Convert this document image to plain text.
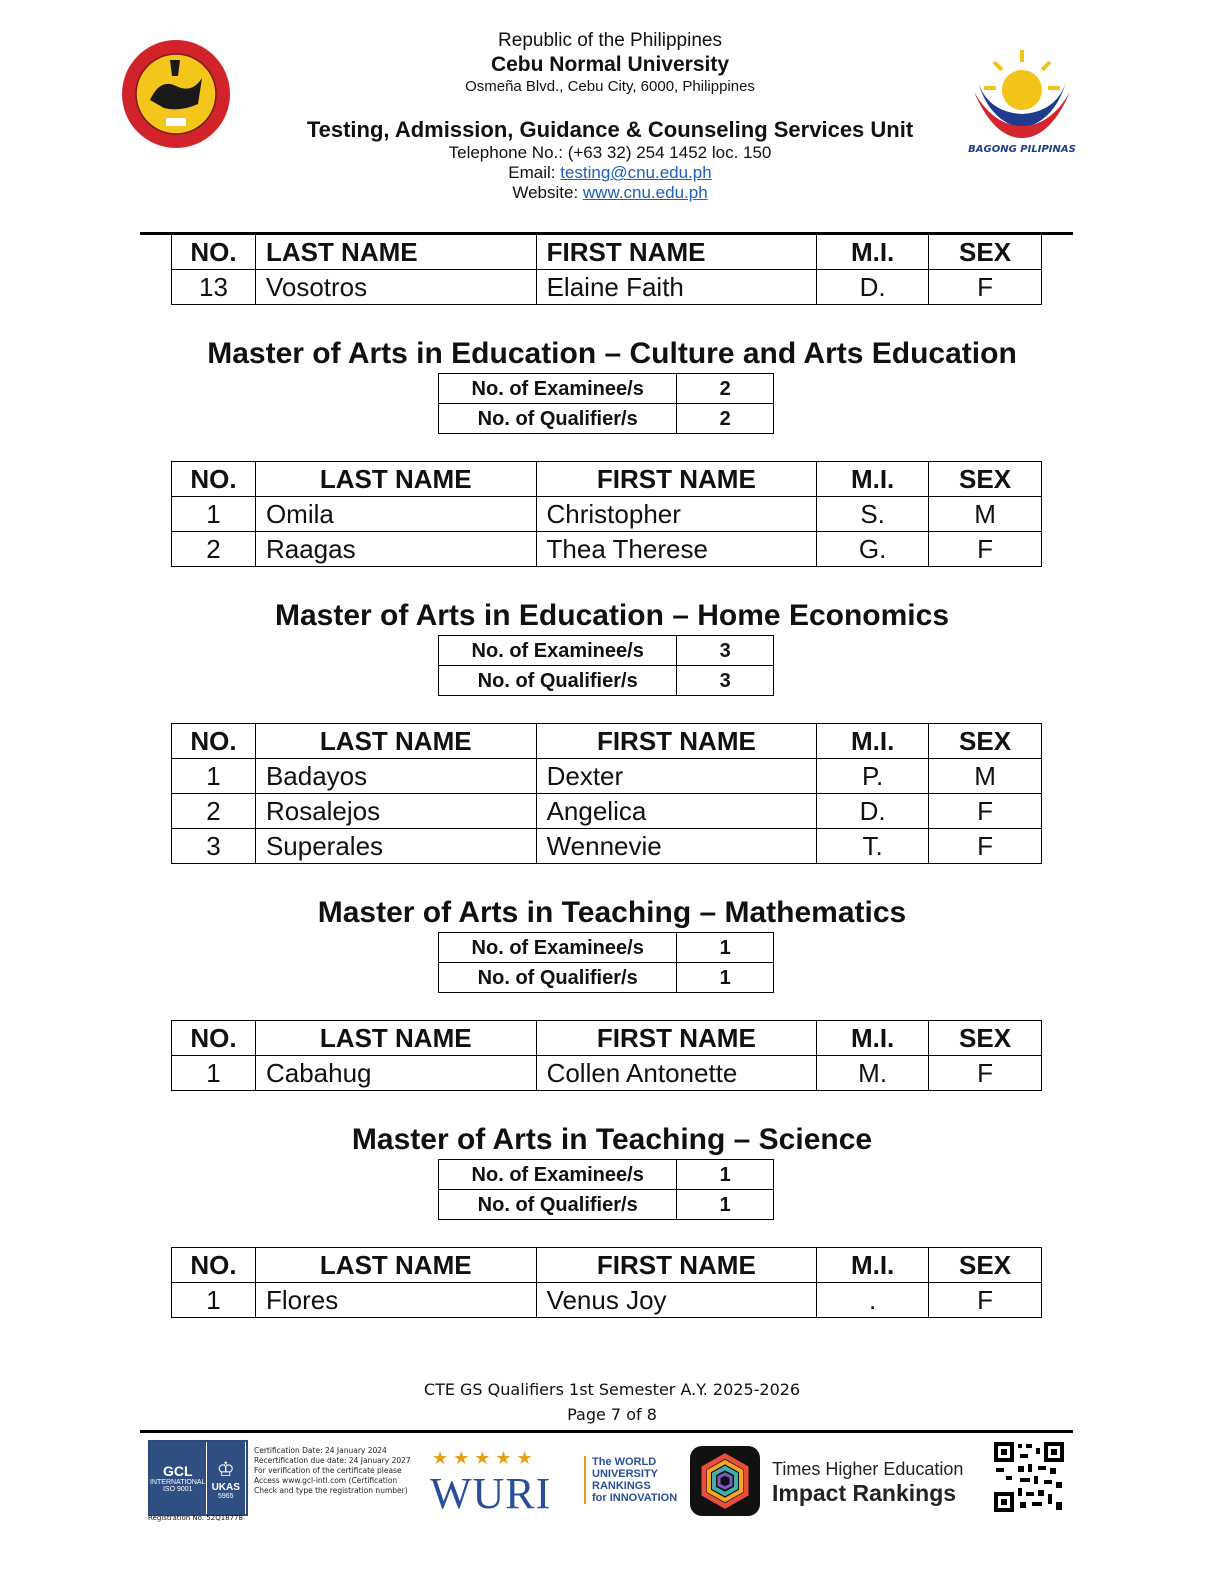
Republic of the Philippines
Cebu Normal University
Osmeña Blvd., Cebu City, 6000, Philippines
Testing, Admission, Guidance & Counseling Services Unit
Telephone No.: (+63 32) 254 1452 loc. 150
Email: testing@cnu.edu.ph
Website: www.cnu.edu.ph
BAGONG PILIPINAS
NO.	LAST NAME	FIRST NAME	M.I.	SEX
13	Vosotros	Elaine Faith	D.	F
Master of Arts in Education – Culture and Arts Education
No. of Examinee/s	2
No. of Qualifier/s	2
NO.	LAST NAME	FIRST NAME	M.I.	SEX
1	Omila	Christopher	S.	M
2	Raagas	Thea Therese	G.	F
Master of Arts in Education – Home Economics
No. of Examinee/s	3
No. of Qualifier/s	3
NO.	LAST NAME	FIRST NAME	M.I.	SEX
1	Badayos	Dexter	P.	M
2	Rosalejos	Angelica	D.	F
3	Superales	Wennevie	T.	F
Master of Arts in Teaching – Mathematics
No. of Examinee/s	1
No. of Qualifier/s	1
NO.	LAST NAME	FIRST NAME	M.I.	SEX
1	Cabahug	Collen Antonette	M.	F
Master of Arts in Teaching – Science
No. of Examinee/s	1
No. of Qualifier/s	1
NO.	LAST NAME	FIRST NAME	M.I.	SEX
1	Flores	Venus Joy	.	F
CTE GS Qualifiers 1st Semester A.Y. 2025-2026
Page 7 of 8
GCL
INTERNATIONAL
ISO 9001
♔
UKAS
5965
Registration No. 52Q18778
Certification Date: 24 January 2024
Recertification due date: 24 January 2027
For verification of the certificate please
Access www.gcl-intl.com (Certification
Check and type the registration number)
★★★★★
WURI
The WORLD
UNIVERSITY
RANKINGS
for INNOVATION
Times Higher Education
Impact Rankings
